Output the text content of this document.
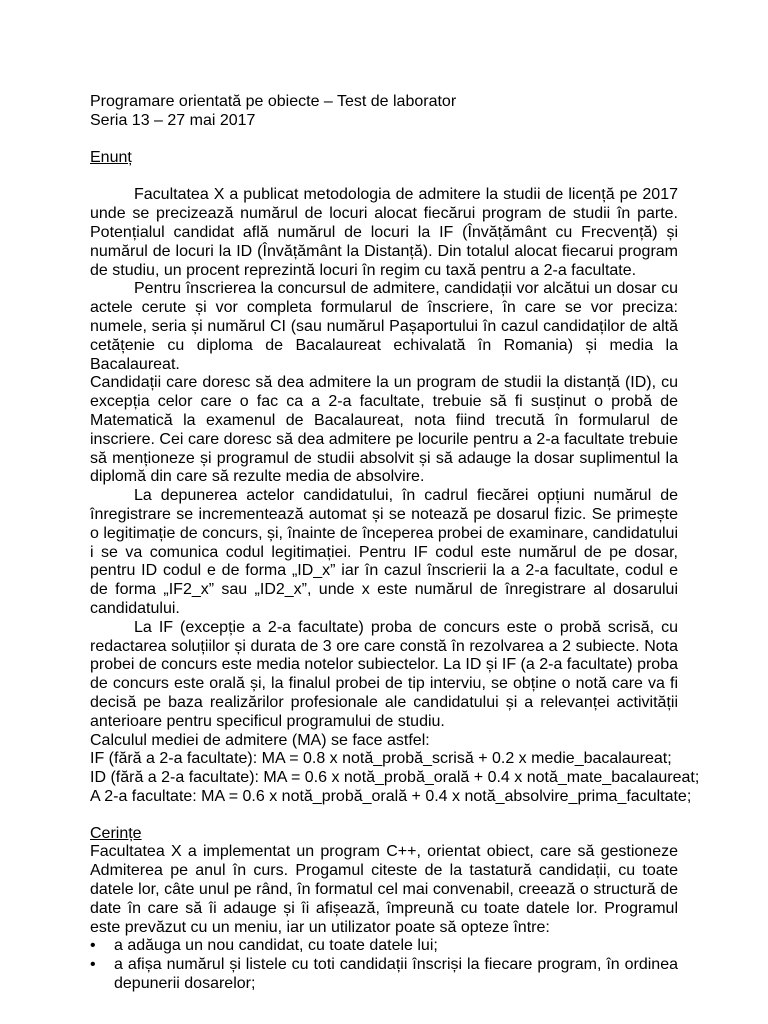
Programare orientată pe obiecte – Test de laborator

Seria 13 – 27 mai 2017

Enunț

Facultatea X a publicat metodologia de admitere la studii de licență pe 2017 unde se precizează numărul de locuri alocat fiecărui program de studii în parte. Potențialul candidat află numărul de locuri la IF (Învățământ cu Frecvență) și numărul de locuri la ID (Învățământ la Distanță). Din totalul alocat fiecarui program de studiu, un procent reprezintă locuri în regim cu taxă pentru a 2-a facultate.

Pentru înscrierea la concursul de admitere, candidații vor alcătui un dosar cu actele cerute și vor completa formularul de înscriere, în care se vor preciza: numele, seria și numărul CI (sau numărul Pașaportului în cazul candidaților de altă cetățenie cu diploma de Bacalaureat echivalată în Romania) și media la Bacalaureat.

Candidații care doresc să dea admitere la un program de studii la distanță (ID), cu excepția celor care o fac ca a 2-a facultate, trebuie să fi susținut o probă de Matematică la examenul de Bacalaureat, nota fiind trecută în formularul de inscriere. Cei care doresc să dea admitere pe locurile pentru a 2-a facultate trebuie să menționeze și programul de studii absolvit și să adauge la dosar suplimentul la diplomă din care să rezulte media de absolvire.

La depunerea actelor candidatului, în cadrul fiecărei opțiuni numărul de înregistrare se incrementează automat și se notează pe dosarul fizic. Se primește o legitimație de concurs, și, înainte de începerea probei de examinare, candidatului i se va comunica codul legitimației. Pentru IF codul este numărul de pe dosar, pentru ID codul e de forma „ID_x” iar în cazul înscrierii la a 2-a facultate, codul e de forma „IF2_x” sau „ID2_x”, unde x este numărul de înregistrare al dosarului candidatului.

La IF (excepție a 2-a facultate) proba de concurs este o probă scrisă, cu redactarea soluțiilor și durata de 3 ore care constă în rezolvarea a 2 subiecte. Nota probei de concurs este media notelor subiectelor. La ID și IF (a 2-a facultate) proba de concurs este orală și, la finalul probei de tip interviu, se obține o notă care va fi decisă pe baza realizărilor profesionale ale candidatului și a relevanței activității anterioare pentru specificul programului de studiu.

Calculul mediei de admitere (MA) se face astfel:

IF (fără a 2-a facultate): MA = 0.8 x notă_probă_scrisă + 0.2 x medie_bacalaureat;

ID (fără a 2-a facultate): MA = 0.6 x notă_probă_orală + 0.4 x notă_mate_bacalaureat;

A 2-a facultate: MA = 0.6 x notă_probă_orală + 0.4 x notă_absolvire_prima_facultate;

Cerințe

Facultatea X a implementat un program C++, orientat obiect, care să gestioneze Admiterea pe anul în curs. Progamul citeste de la tastatură candidații, cu toate datele lor, câte unul pe rând, în formatul cel mai convenabil, creează o structură de date în care să îi adauge și îi afișează, împreună cu toate datele lor. Programul este prevăzut cu un meniu, iar un utilizator poate să opteze între:

•	a adăuga un nou candidat, cu toate datele lui;
•	a afișa numărul și listele cu toti candidații înscriși la fiecare program, în ordinea depunerii dosarelor;
